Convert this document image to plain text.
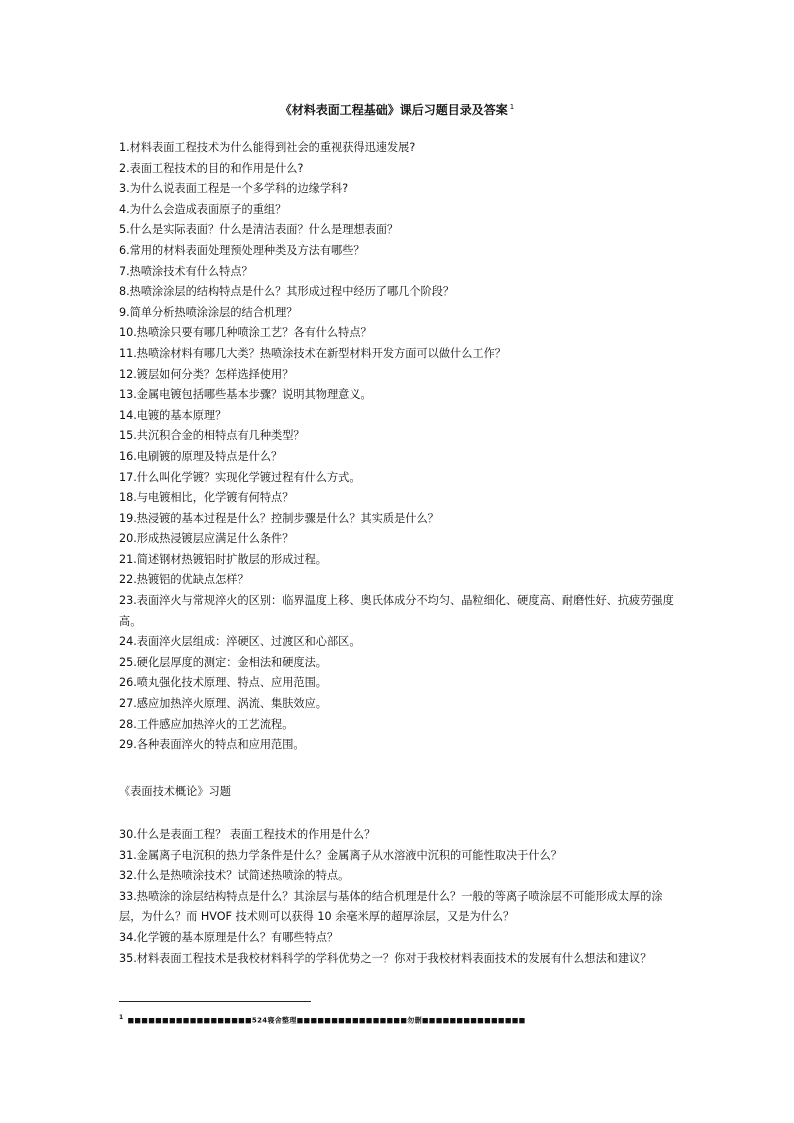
《材料表面工程基础》课后习题目录及答案 $^1$
1.材料表面工程技术为什么能得到社会的重视获得迅速发展?
2.表面工程技术的目的和作用是什么?
3.为什么说表面工程是一个多学科的边缘学科?
4.为什么会造成表面原子的重组？
5.什么是实际表面？什么是清洁表面？什么是理想表面？
6.常用的材料表面处理预处理种类及方法有哪些？
7.热喷涂技术有什么特点？
8.热喷涂涂层的结构特点是什么？其形成过程中经历了哪几个阶段？
9.简单分析热喷涂涂层的结合机理？
10.热喷涂只要有哪几种喷涂工艺？各有什么特点？
11.热喷涂材料有哪几大类？热喷涂技术在新型材料开发方面可以做什么工作？
12.镀层如何分类？怎样选择使用？
13.金属电镀包括哪些基本步骤？说明其物理意义。
14.电镀的基本原理？
15.共沉积合金的相特点有几种类型？
16.电刷镀的原理及特点是什么？
17.什么叫化学镀？实现化学镀过程有什么方式。
18.与电镀相比，化学镀有何特点？
19.热浸镀的基本过程是什么？控制步骤是什么？其实质是什么？
20.形成热浸镀层应满足什么条件？
21.简述钢材热镀铝时扩散层的形成过程。
22.热镀铝的优缺点怎样？
23.表面淬火与常规淬火的区别：临界温度上移、奥氏体成分不均匀、晶粒细化、硬度高、耐磨性好、抗疲劳强度高。
24.表面淬火层组成：淬硬区、过渡区和心部区。
25.硬化层厚度的测定：金相法和硬度法。
26.喷丸强化技术原理、特点、应用范围。
27.感应加热淬火原理、涡流、集肤效应。
28.工件感应加热淬火的工艺流程。
29.各种表面淬火的特点和应用范围。
《表面技术概论》习题
30.什么是表面工程？ 表面工程技术的作用是什么？
31.金属离子电沉积的热力学条件是什么？金属离子从水溶液中沉积的可能性取决于什么？
32.什么是热喷涂技术？试简述热喷涂的特点。
33.热喷涂的涂层结构特点是什么？其涂层与基体的结合机理是什么？一般的等离子喷涂层不可能形成太厚的涂层，为什么？而 HVOF 技术则可以获得 10 余毫米厚的超厚涂层，又是为什么？
34.化学镀的基本原理是什么？有哪些特点？
35.材料表面工程技术是我校材料科学的学科优势之一？你对于我校材料表面技术的发展有什么想法和建议？
$^1$ ■■■■■■■■■■■■■■■■■■524寝舍整理■■■■■■■■■■■■■■■■勿删■■■■■■■■■■■■■■■
